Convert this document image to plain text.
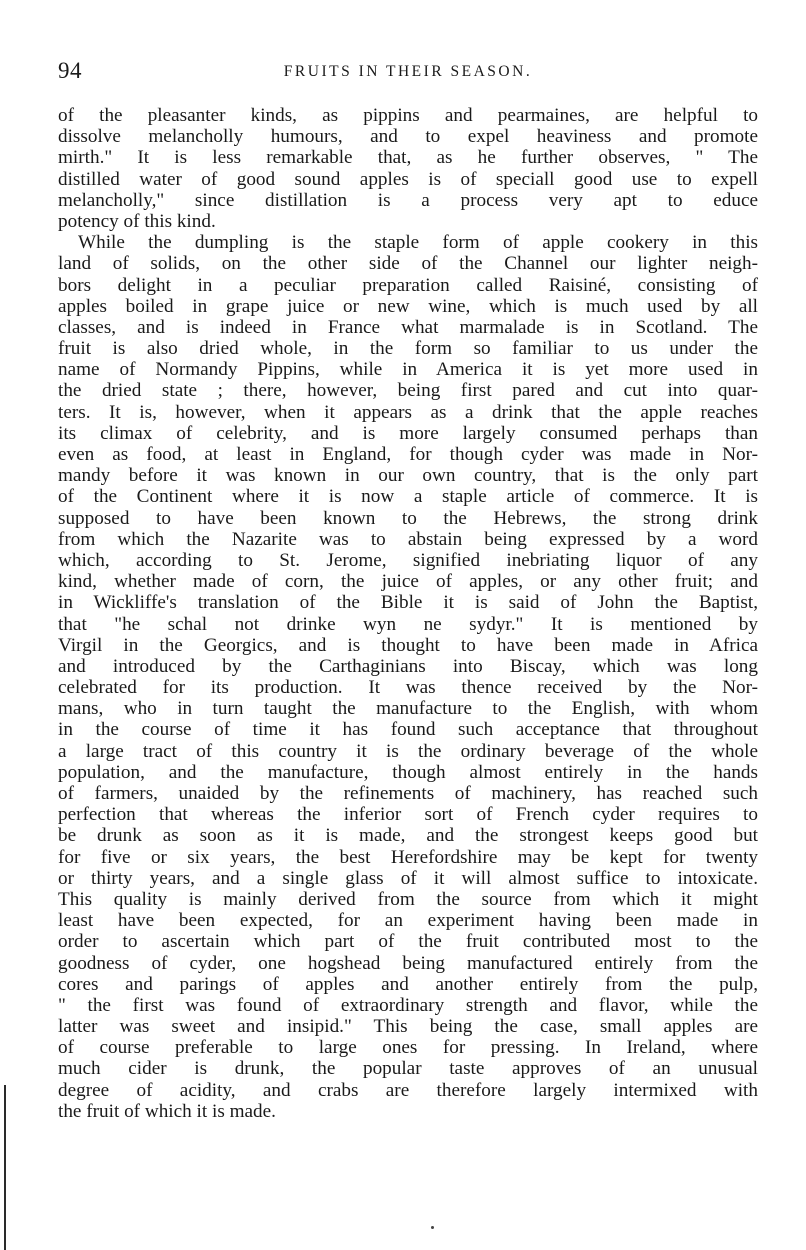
94	FRUITS IN THEIR SEASON.
of the pleasanter kinds, as pippins and pearmaines, are helpful to
dissolve melanchollу humours, and to expel heaviness and promote
mirth." It is less remarkable that, as he further observes, " The
distilled water of good sound apples is of speciall good use to expell
melancholly," since distillation is a process very apt to educe
potency of this kind.
While the dumpling is the staple form of apple cookery in this
land of solids, on the other side of the Channel our lighter neigh-
bors delight in a peculiar preparation called Raisiné, consisting of
apples boiled in grape juice or new wine, which is much used by all
classes, and is indeed in France what marmalade is in Scotland. The
fruit is also dried whole, in the form so familiar to us under the
name of Normandy Pippins, while in America it is yet more used in
the dried state ; there, however, being first pared and cut into quar-
ters. It is, however, when it appears as a drink that the apple reaches
its climax of celebrity, and is more largely consumed perhaps than
even as food, at least in England, for though cyder was made in Nor-
mandy before it was known in our own country, that is the only part
of the Continent where it is now a staple article of commerce. It is
supposed to have been known to the Hebrews, the strong drink
from which the Nazarite was to abstain being expressed by a word
which, according to St. Jerome, signified inebriating liquor of any
kind, whether made of corn, the juice of apples, or any other fruit; and
in Wickliffe's translation of the Bible it is said of John the Baptist,
that "he schal not drinke wyn ne sydyr." It is mentioned by
Virgil in the Georgics, and is thought to have been made in Africa
and introduced by the Carthaginians into Biscay, which was long
celebrated for its production. It was thence received by the Nor-
mans, who in turn taught the manufacture to the English, with whom
in the course of time it has found such acceptance that throughout
a large tract of this country it is the ordinary beverage of the whole
population, and the manufacture, though almost entirely in the hands
of farmers, unaided by the refinements of machinery, has reached such
perfection that whereas the inferior sort of French cyder requires to
be drunk as soon as it is made, and the strongest keeps good but
for five or six years, the best Herefordshire may be kept for twenty
or thirty years, and a single glass of it will almost suffice to intoxicate.
This quality is mainly derived from the source from which it might
least have been expected, for an experiment having been made in
order to ascertain which part of the fruit contributed most to the
goodness of cyder, one hogshead being manufactured entirely from the
cores and parings of apples and another entirely from the pulp,
" the first was found of extraordinary strength and flavor, while the
latter was sweet and insipid." This being the case, small apples are
of course preferable to large ones for pressing. In Ireland, where
much cider is drunk, the popular taste approves of an unusual
degree of acidity, and crabs are therefore largely intermixed with
the fruit of which it is made.
